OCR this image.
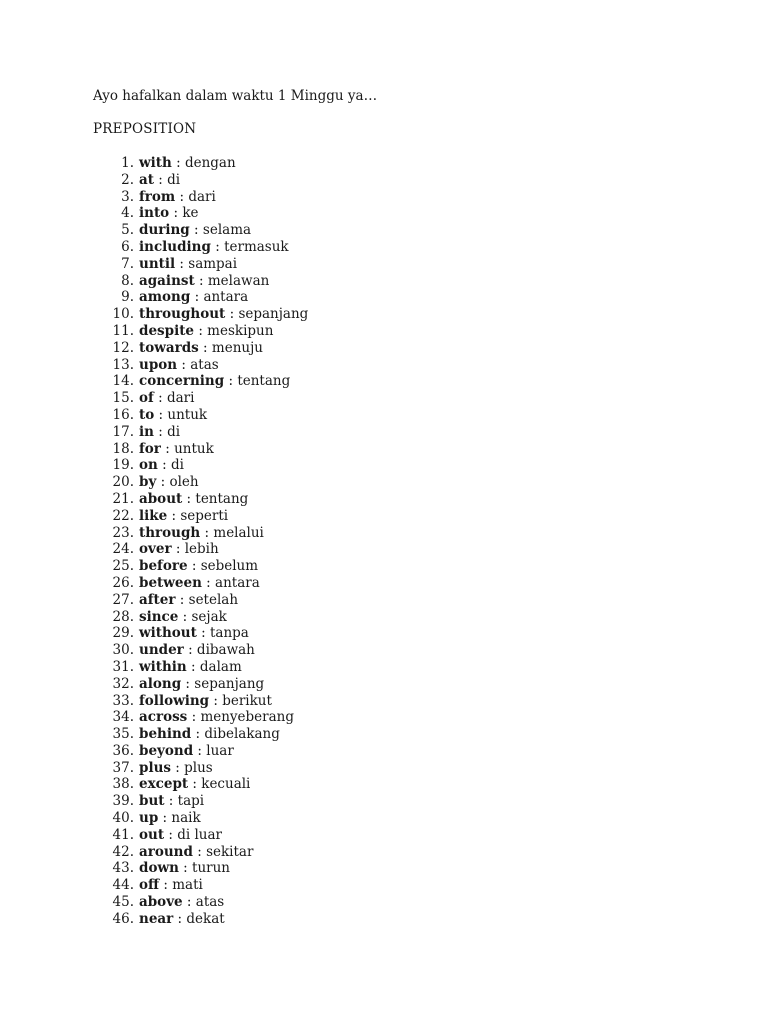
Ayo hafalkan dalam waktu 1 Minggu ya…

PREPOSITION
1. with : dengan
2. at : di
3. from : dari
4. into : ke
5. during : selama
6. including : termasuk
7. until : sampai
8. against : melawan
9. among : antara
10. throughout : sepanjang
11. despite : meskipun
12. towards : menuju
13. upon : atas
14. concerning : tentang
15. of : dari
16. to : untuk
17. in : di
18. for : untuk
19. on : di
20. by : oleh
21. about : tentang
22. like : seperti
23. through : melalui
24. over : lebih
25. before : sebelum
26. between : antara
27. after : setelah
28. since : sejak
29. without : tanpa
30. under : dibawah
31. within : dalam
32. along : sepanjang
33. following : berikut
34. across : menyeberang
35. behind : dibelakang
36. beyond : luar
37. plus : plus
38. except : kecuali
39. but : tapi
40. up : naik
41. out : di luar
42. around : sekitar
43. down : turun
44. off : mati
45. above : atas
46. near : dekat
